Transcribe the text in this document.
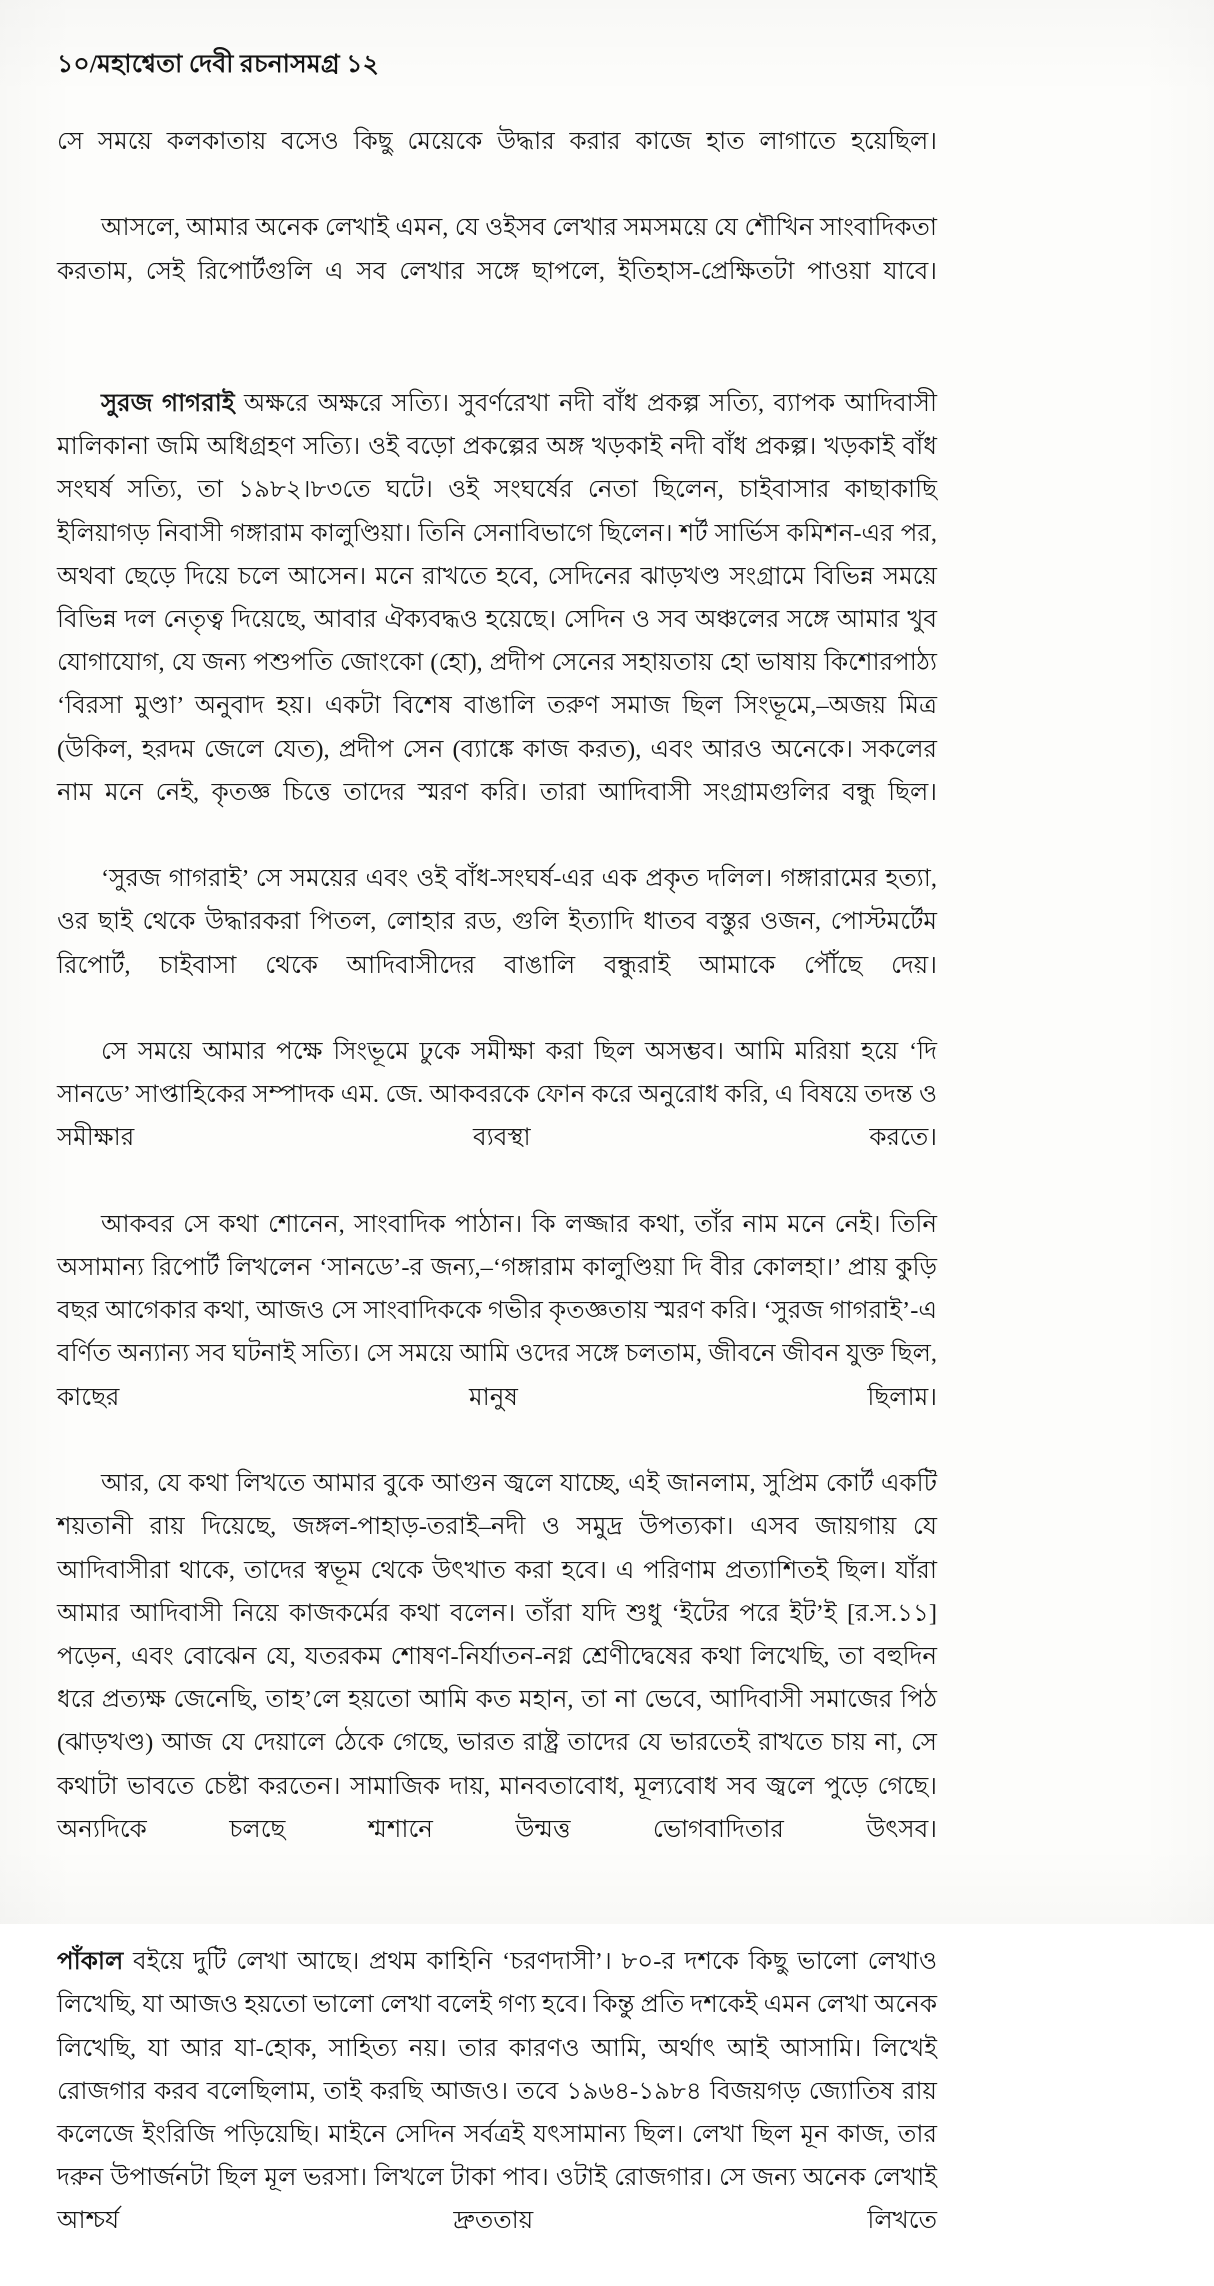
১০/মহাশ্বেতা দেবী রচনাসমগ্র ১২

সে সময়ে কলকাতায় বসেও কিছু মেয়েকে উদ্ধার করার কাজে হাত লাগাতে হয়েছিল।

আসলে, আমার অনেক লেখাই এমন, যে ওইসব লেখার সমসময়ে যে শৌখিন সাংবাদিকতা করতাম, সেই রিপোর্টগুলি এ সব লেখার সঙ্গে ছাপলে, ইতিহাস-প্রেক্ষিতটা পাওয়া যাবে।

সুরজ গাগরাই অক্ষরে অক্ষরে সত্যি। সুবর্ণরেখা নদী বাঁধ প্রকল্প সত্যি, ব্যাপক আদিবাসী মালিকানা জমি অধিগ্রহণ সত্যি। ওই বড়ো প্রকল্পের অঙ্গ খড়কাই নদী বাঁধ প্রকল্প। খড়কাই বাঁধ সংঘর্ষ সত্যি, তা ১৯৮২।৮৩তে ঘটে। ওই সংঘর্ষের নেতা ছিলেন, চাইবাসার কাছাকাছি ইলিয়াগড় নিবাসী গঙ্গারাম কালুণ্ডিয়া। তিনি সেনাবিভাগে ছিলেন। শর্ট সার্ভিস কমিশন-এর পর, অথবা ছেড়ে দিয়ে চলে আসেন। মনে রাখতে হবে, সেদিনের ঝাড়খণ্ড সংগ্রামে বিভিন্ন সময়ে বিভিন্ন দল নেতৃত্ব দিয়েছে, আবার ঐক্যবদ্ধও হয়েছে। সেদিন ও সব অঞ্চলের সঙ্গে আমার খুব যোগাযোগ, যে জন্য পশুপতি জোংকো (হো), প্রদীপ সেনের সহায়তায় হো ভাষায় কিশোরপাঠ্য ‘বিরসা মুণ্ডা’ অনুবাদ হয়। একটা বিশেষ বাঙালি তরুণ সমাজ ছিল সিংভূমে,–অজয় মিত্র (উকিল, হরদম জেলে যেত), প্রদীপ সেন (ব্যাঙ্কে কাজ করত), এবং আরও অনেকে। সকলের নাম মনে নেই, কৃতজ্ঞ চিত্তে তাদের স্মরণ করি। তারা আদিবাসী সংগ্রামগুলির বন্ধু ছিল।

‘সুরজ গাগরাই’ সে সময়ের এবং ওই বাঁধ-সংঘর্ষ-এর এক প্রকৃত দলিল। গঙ্গারামের হত্যা, ওর ছাই থেকে উদ্ধারকরা পিতল, লোহার রড, গুলি ইত্যাদি ধাতব বস্তুর ওজন, পোস্টমর্টেম রিপোর্ট, চাইবাসা থেকে আদিবাসীদের বাঙালি বন্ধুরাই আমাকে পৌঁছে দেয়।

সে সময়ে আমার পক্ষে সিংভূমে ঢুকে সমীক্ষা করা ছিল অসম্ভব। আমি মরিয়া হয়ে ‘দি সানডে’ সাপ্তাহিকের সম্পাদক এম. জে. আকবরকে ফোন করে অনুরোধ করি, এ বিষয়ে তদন্ত ও সমীক্ষার ব্যবস্থা করতে।

আকবর সে কথা শোনেন, সাংবাদিক পাঠান। কি লজ্জার কথা, তাঁর নাম মনে নেই। তিনি অসামান্য রিপোর্ট লিখলেন ‘সানডে’-র জন্য,–‘গঙ্গারাম কালুণ্ডিয়া দি বীর কোলহা।’ প্রায় কুড়ি বছর আগেকার কথা, আজও সে সাংবাদিককে গভীর কৃতজ্ঞতায় স্মরণ করি। ‘সুরজ গাগরাই’-এ বর্ণিত অন্যান্য সব ঘটনাই সত্যি। সে সময়ে আমি ওদের সঙ্গে চলতাম, জীবনে জীবন যুক্ত ছিল, কাছের মানুষ ছিলাম।

আর, যে কথা লিখতে আমার বুকে আগুন জ্বলে যাচ্ছে, এই জানলাম, সুপ্রিম কোর্ট একটি শয়তানী রায় দিয়েছে, জঙ্গল-পাহাড়-তরাই–নদী ও সমুদ্র উপত্যকা। এসব জায়গায় যে আদিবাসীরা থাকে, তাদের স্বভূম থেকে উৎখাত করা হবে। এ পরিণাম প্রত্যাশিতই ছিল। যাঁরা আমার আদিবাসী নিয়ে কাজকর্মের কথা বলেন। তাঁরা যদি শুধু ‘ইটের পরে ইট’ই [র.স.১১] পড়েন, এবং বোঝেন যে, যতরকম শোষণ-নির্যাতন-নগ্ন শ্রেণীদ্বেষের কথা লিখেছি, তা বহুদিন ধরে প্রত্যক্ষ জেনেছি, তাহ’লে হয়তো আমি কত মহান, তা না ভেবে, আদিবাসী সমাজের পিঠ (ঝাড়খণ্ড) আজ যে দেয়ালে ঠেকে গেছে, ভারত রাষ্ট্র তাদের যে ভারতেই রাখতে চায় না, সে কথাটা ভাবতে চেষ্টা করতেন। সামাজিক দায়, মানবতাবোধ, মূল্যবোধ সব জ্বলে পুড়ে গেছে। অন্যদিকে চলছে শ্মশানে উন্মত্ত ভোগবাদিতার উৎসব।

পাঁকাল বইয়ে দুটি লেখা আছে। প্রথম কাহিনি ‘চরণদাসী’। ৮০-র দশকে কিছু ভালো লেখাও লিখেছি, যা আজও হয়তো ভালো লেখা বলেই গণ্য হবে। কিন্তু প্রতি দশকেই এমন লেখা অনেক লিখেছি, যা আর যা-হোক, সাহিত্য নয়। তার কারণও আমি, অর্থাৎ আ‍‌ই আসামি। লিখেই রোজগার করব বলেছিলাম, তাই করছি আজও। তবে ১৯৬৪-১৯৮৪ বিজয়গ‍‌ড় জ্যোতিষ রায় কলেজে ইংরিজি পড়িয়েছি। মাইনে সেদিন সর্বত্রই যৎসামান্য ছিল। লেখা ছিল মূ‍‌ন কাজ, তার দরুন উপার্জনটা ছিল মূল ভরসা। লিখলে টাকা পাব। ওটাই রোজগার। সে জন্য অনেক লেখাই আশ্চর্য দ্রুততায় লিখতে
